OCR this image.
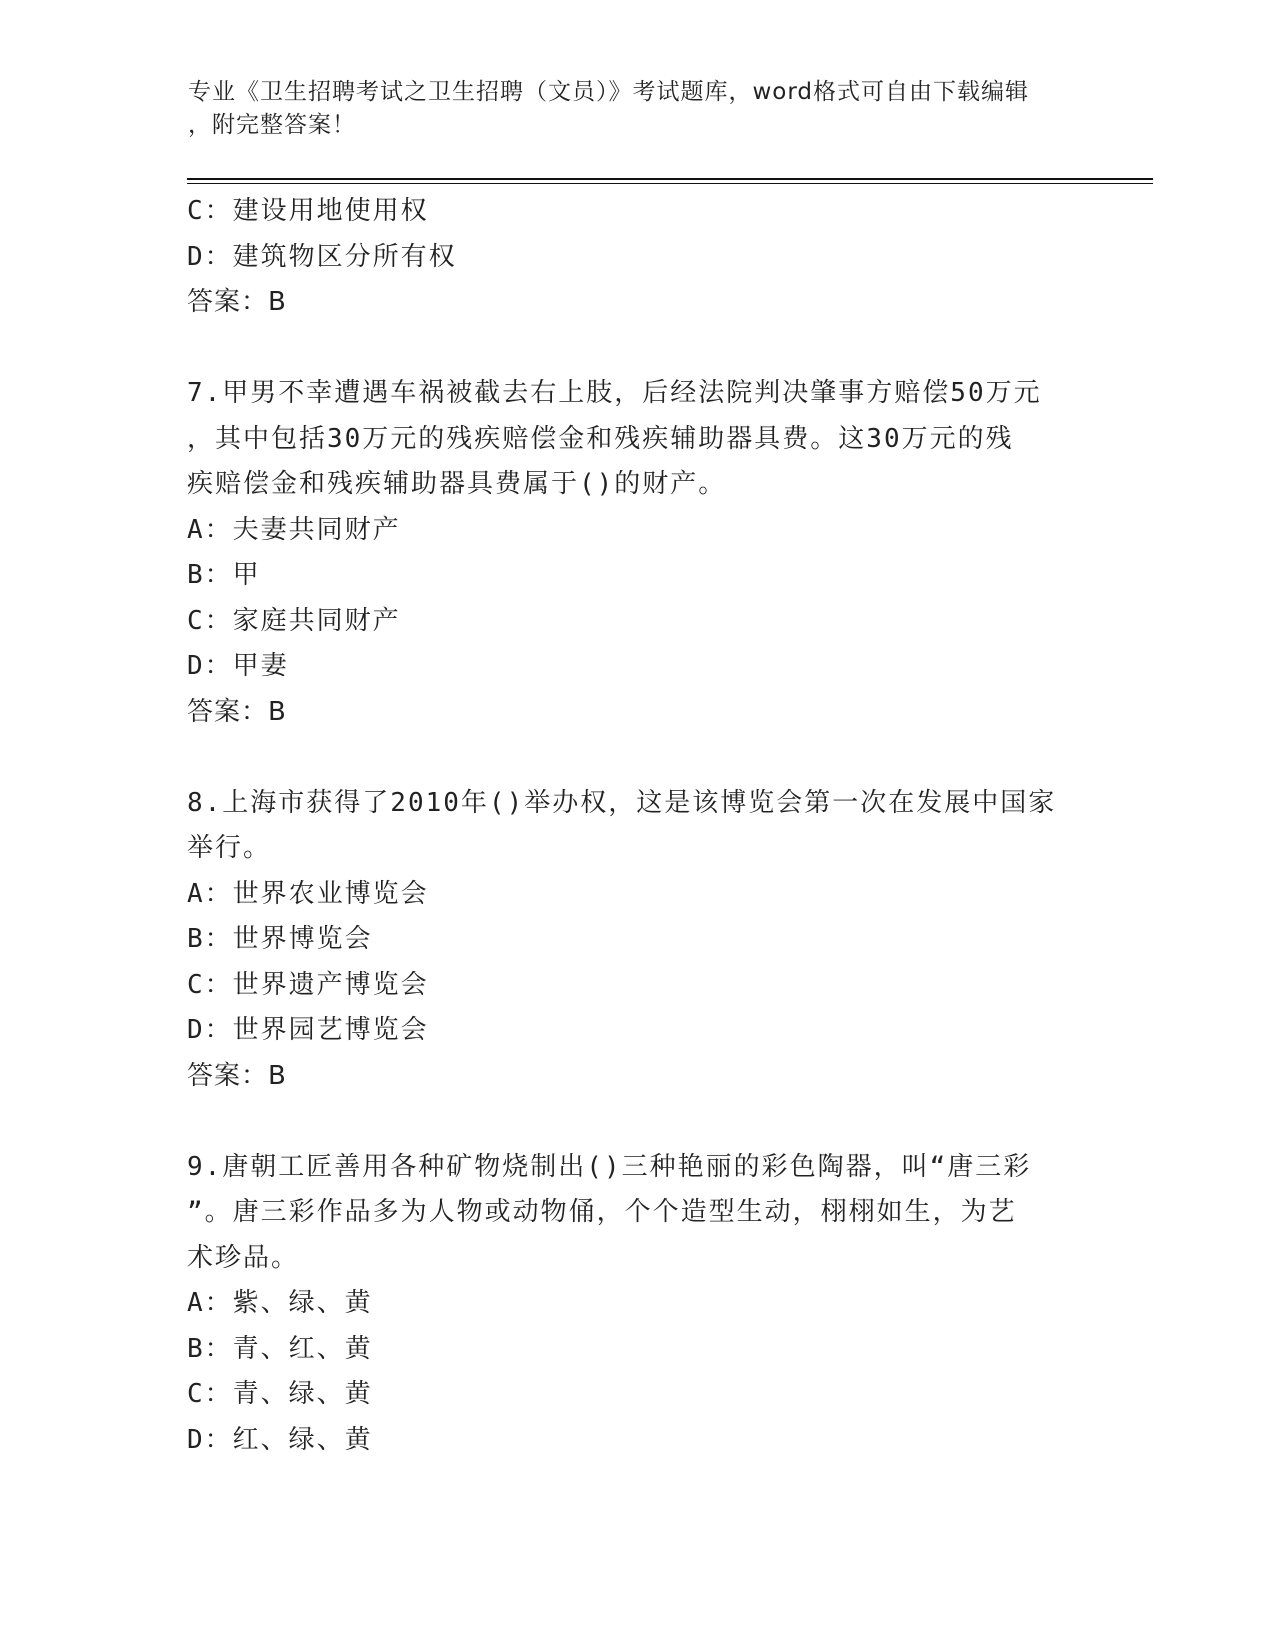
专业《卫生招聘考试之卫生招聘（文员）》考试题库，word格式可自由下载编辑
，附完整答案！
C：建设用地使用权
D：建筑物区分所有权
答案：B
7.甲男不幸遭遇车祸被截去右上肢，后经法院判决肇事方赔偿50万元
，其中包括30万元的残疾赔偿金和残疾辅助器具费。这30万元的残
疾赔偿金和残疾辅助器具费属于()的财产。
A：夫妻共同财产
B：甲
C：家庭共同财产
D：甲妻
答案：B
8.上海市获得了2010年()举办权，这是该博览会第一次在发展中国家
举行。
A：世界农业博览会
B：世界博览会
C：世界遗产博览会
D：世界园艺博览会
答案：B
9.唐朝工匠善用各种矿物烧制出()三种艳丽的彩色陶器，叫“唐三彩
”。唐三彩作品多为人物或动物俑，个个造型生动，栩栩如生，为艺
术珍品。
A：紫、绿、黄
B：青、红、黄
C：青、绿、黄
D：红、绿、黄
